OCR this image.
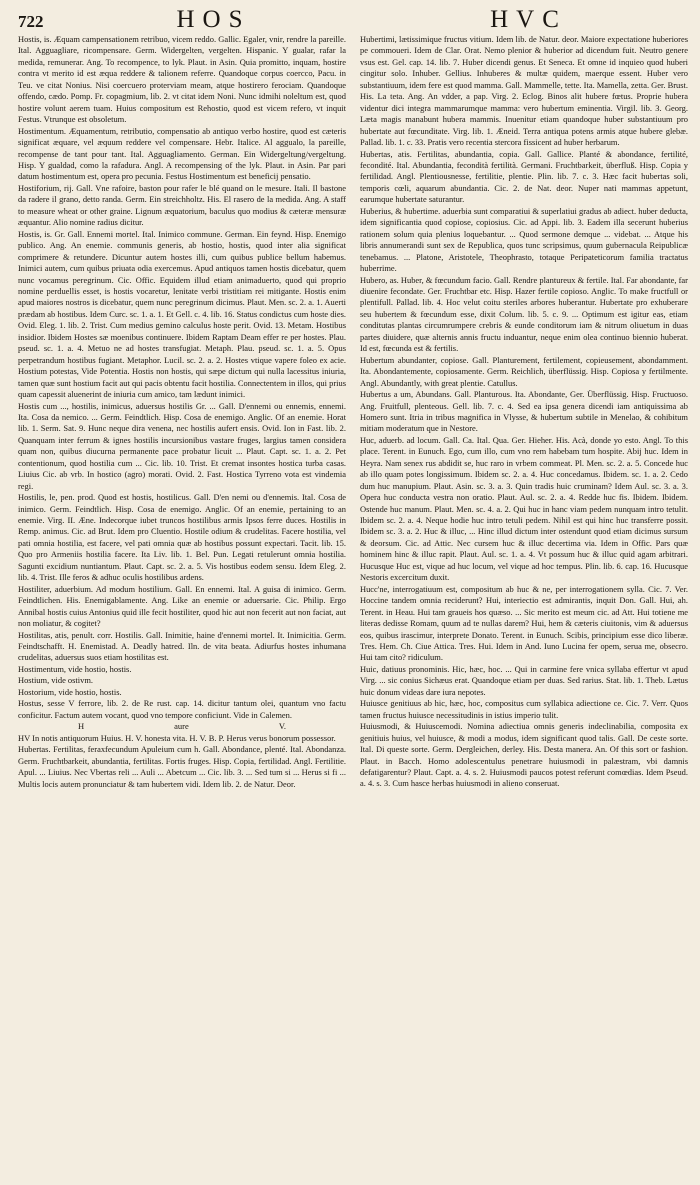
722	HOS	HVC

Hostis, is. Æquam campensationem retribuo, vicem reddo. Gallic. Egaler, vnir, rendre la pareille. Ital. Agguagliare, ricompensare. Germ. Widergelten, vergelten. Hispanic. Y gualar, rafar la medida, remunerar. Ang. To recompence, to lyk. Plaut. in Asin. Quia promitto, inquam, hostire contra vt merito id est æqua reddere & talionem referre. Quandoque corpus coercco, Pacu. in Teu. ve citat Nonius. Nisi coercuero proterviam meam, atque hostirero ferociam. Quandoque offendo, cædo. Pomp. Fr. copagmium, lib. 2. vt citat idem Noni. Nunc idmihi noleltum est, quod hostire volunt aerem tuam. Huius compositum est Rehostio, quod est vicem refero, vt inquit Festus. Vtrunque est obsoletum.

Hostimentum. Æquamentum, retributio, compensatio ab antiquo verbo hostire, quod est cæteris significat æquare, vel æquum reddere vel compensare. Hebr. Italice. Al aggualo, la pareille, recompense de tant pour tant. Ital. Agguagliamento. German. Ein Widergeltung/vergeltung. Hisp. Y gualdad, como la rafadura. Angl. A recompensing of the lyk. Plaut. in Asin. Par pari datum hostimentum est, opera pro pecunia. Festus Hostimentum est beneficij pensatio.

Hostiforium, rij. Gall. Vne rafoire, baston pour rafer le blé quand on le mesure. Itali. Il bastone da radere il grano, detto randa. Germ. Ein streichholtz. His. El rasero de la medida. Ang. A staff to measure wheat or other graine. Lignum æquatorium, baculus quo modius & cæteræ mensuræ æquantur. Alio nomine radius dicitur.

Hostis, is. Gr. Gall. Ennemi mortel. Ital. Inimico commune. German. Ein feynd. Hisp. Enemigo publico. Ang. An enemie. communis generis, ab hostio, hostis, quod inter alia significat comprimere & retundere. Dicuntur autem hostes illi, cum quibus publice bellum habemus. Inimici autem, cum quibus priuata odia exercemus. Apud antiquos tamen hostis dicebatur, quem nunc vocamus peregrinum. Cic. Offic. Equidem illud etiam animaduerto, quod qui proprio nomine perduellis esset, is hostis vocaretur, lenitate verbi tristitiam rei mitigante. Hostis enim apud maiores nostros is dicebatur, quem nunc peregrinum dicimus. Plaut. Men. sc. 2. a. 1. Auerti prædam ab hostibus. Idem Curc. sc. 1. a. 1. Et Gell. c. 4. lib. 16. Status condictus cum hoste dies. Ovid. Eleg. 1. lib. 2. Trist. Cum medius gemino calculus hoste perit. Ovid. 13. Metam. Hostibus insidior. Ibidem Hostes sæ moenibus continuere. Ibidem Raptam Deam effer re per hostes. Plau. pseud. sc. 1. a. 4. Metuo ne ad hostes transfugiat. Metaph. Plau. pseud. sc. 1. a. 5. Opus perpetrandum hostibus fugiant. Metaphor. Lucil. sc. 2. a. 2. Hostes vtique vapere foleo ex acie. Hostium potestas, Vide Potentia. Hostis non hostis, qui sæpe dictum qui nulla lacessitus iniuria, tamen quæ sunt hostium facit aut qui pacis obtentu facit hostilia. Connectentem in illos, qui prius quam capessit aluenerint de iniuria cum amico, tam lædunt inimici.

Hostis cum ..., hostilis, inimicus, aduersus hostilis Gr. ... Gall. D'ennemi ou ennemis, ennemi. Ita. Cosa da nemico. ... Germ. Feindtlich. Hisp. Cosa de enemigo. Anglic. Of an enemie. Horat lib. 1. Serm. Sat. 9. Hunc neque dira venena, nec hostilis aufert ensis. Ovid. Ion in Fast. lib. 2. Quanquam inter ferrum & ignes hostilis incursionibus vastare fruges, largius tamen considera quam non, quibus diucurna permanente pace probatur licuit ... Plaut. Capt. sc. 1. a. 2. Pet contentionum, quod hostilia cum ... Cic. lib. 10. Trist. Et cremat insontes hostica turba casas. Liuius Cic. ab vrb. In hostico (agro) morati. Ovid. 2. Fast. Hostica Tyrreno vota est vindemia regi.

Hostilis, le, pen. prod. Quod est hostis, hostilicus. Gall. D'en nemi ou d'ennemis. Ital. Cosa de inimico. Germ. Feindtlich. Hisp. Cosa de enemigo. Anglic. Of an enemie, pertaining to an enemie. Virg. II. Æne. Indecorque iubet truncos hostilibus armis Ipsos ferre duces. Hostilis in Remp. animus. Cic. ad Brut. Idem pro Cluentio. Hostile odium & crudelitas. Facere hostilia, vel pati omnia hostilia, est facere, vel pati omnia quæ ab hostibus possunt expectari. Tacit. lib. 15. Quo pro Armeniis hostilia facere. Ita Liv. lib. 1. Bel. Pun. Legati retulerunt omnia hostilia. Sagunti excidium nuntiantum. Plaut. Capt. sc. 2. a. 5. Vis hostibus eodem sensu. Idem Eleg. 2. lib. 4. Trist. Ille feros & adhuc oculis hostilibus ardens.

Hostiliter, aduerbium. Ad modum hostilium. Gall. En ennemi. Ital. A guisa di inimico. Germ. Feindtlichen. His. Enemigablamente. Ang. Like an enemie or aduersarie. Cic. Philip. Ergo Annibal hostis cuius Antonius quid ille fecit hostiliter, quod hic aut non fecerit aut non faciat, aut non moliatur, & cogitet?

Hostilitas, atis, penult. corr. Hostilis. Gall. Inimitie, haine d'ennemi mortel. It. Inimicitia. Germ. Feindtschafft. H. Enemistad. A. Deadly hatred. Iln. de vita beata. Adiurfus hostes inhumana crudelitas, aduersus suos etiam hostilitas est.

Hostimentum, vide hostio, hostis.

Hostium, vide ostivm.

Hostorium, vide hostio, hostis.

Hostus, sesse V ferrore, lib. 2. de Re rust. cap. 14. dicitur tantum olei, quantum vno factu conficitur. Factum autem vocant, quod vno tempore conficiunt. Vide in Calemen.

H	aure	V.

HV In notis antiquorum Huius. H. V. honesta vita. H. V. B. P. Herus verus bonorum possessor.

Hubertas. Fertilitas, feraxfecundum Apuleium cum h. Gall. Abondance, plenté. Ital. Abondanza. Germ. Fruchtbarkeit, abundantia, fertilitas. Fortis fruges. Hisp. Copia, fertilidad. Angl. Fertilitie. Apul. ... Liuius. Nec Vbertas reli ... Auli ... Abetcum ... Cic. lib. 3. ... Sed tum si ... Herus si fi ... Multis locis autem pronunciatur & tam hubertem vidi. Idem lib. 2. de Natur. Deor.

Hubertimi, lætissimique fructus vitium. Idem lib. de Natur. deor. Maiore expectatione huberiores pe commoueri. Idem de Clar. Orat. Nemo plenior & huberior ad dicendum fuit. Neutro genere vsus est. Gel. cap. 14. lib. 7. Huber dicendi genus. Et Seneca. Et omne id inquieo quod huberi cingitur solo. Inhuber. Gellius. Inhuberes & multæ quidem, maerque essent. Huber vero substantiuum, idem fere est quod mamma. Gall. Mammelle, tette. Ita. Mamella, zetta. Ger. Brust. His. La teta. Ang. An vdder, a pap. Virg. 2. Eclog. Binos alit hubere fœtus. Proprie hubera videntur dici integra mammarumque mamma: vero hubertum eminentia. Virgil. lib. 3. Georg. Læta magis manabunt hubera mammis. Inuenitur etiam quandoque huber substantiuum pro hubertate aut fœcunditate. Virg. lib. 1. Æneid. Terra antiqua potens armis atque hubere glebæ. Pallad. lib. 1. c. 33. Pratis vero recentia stercora fissicent ad huber herbarum.

Hubertas, atis. Fertilitas, abundantia, copia. Gall. Gallice. Planté & abondance, fertilité, fecondité. Ital. Abundantia, fecondità fertilità. Germani. Fruchtbarkeit, überfluß. Hisp. Copia y fertilidad. Angl. Plentiousnesse, fertilitie, plentie. Plin. lib. 7. c. 3. Hæc facit hubertas soli, temporis cœli, aquarum abundantia. Cic. 2. de Nat. deor. Nuper nati mammas appetunt, earumque hubertate saturantur.

Huberius, & hubertime. aduerbia sunt comparatiui & superlatiui gradus ab adiect. huber deducta, idem significantia quod copiose, copiosius. Cic. ad Appi. lib. 3. Eadem illa secerunt huberius rationem solum quia plenius loquebantur. ... Quod sermone demque ... videbat. ... Atque his libris annumerandi sunt sex de Republica, quos tunc scripsimus, quum gubernacula Reipublicæ tenebamus. ... Platone, Aristotele, Theophrasto, totaque Peripateticorum familia tractatus huberrime.

Hubero, as. Huber, & fœcundum facio. Gall. Rendre plantureux & fertile. Ital. Far abondante, far diuenire fecondate. Ger. Fruchtbar etc. Hisp. Hazer fertile copioso. Anglic. To make fructfull or plentifull. Pallad. lib. 4. Hoc velut coitu steriles arbores huberantur. Hubertate pro exhuberare seu hubertem & fœcundum esse, dixit Colum. lib. 5. c. 9. ... Optimum est igitur eas, etiam conditutas plantas circumrumpere crebris & eunde conditorum iam & nitrum oliuetum in duas partes diuidere, quæ alternis annis fructu induantur, neque enim olea continuo biennio huberat. Id est, fœcunda est & fertilis.

Hubertum abundanter, copiose. Gall. Planturement, fertilement, copieusement, abondamment. Ita. Abondantemente, copiosamente. Germ. Reichlich, überflüssig. Hisp. Copiosa y fertilmente. Angl. Abundantly, with great plentie. Catullus.

Hubertus a um, Abundans. Gall. Planturous. Ita. Abondante, Ger. Überflüssig. Hisp. Fructuoso. Ang. Fruitfull, plenteous. Gell. lib. 7. c. 4. Sed ea ipsa genera dicendi iam antiquissima ab Homero sunt. Itria in tribus magnifica in Vlysse, & hubertum subtile in Menelao, & cohibitum mitiam moderatum que in Nestore.

Huc, aduerb. ad locum. Gall. Ca. Ital. Qua. Ger. Hieher. His. Acà, donde yo esto. Angl. To this place. Terent. in Eunuch. Ego, cum illo, cum vno rem habebam tum hospite. Abij huc. Idem in Heyra. Nam senex rus abdidit se, huc raro in vrbem commeat. Pl. Men. sc. 2. a. 5. Concede huc ab illo quam potes longissimum. Ibidem sc. 2. a. 4. Huc concedamus. Ibidem. sc. 1. a. 2. Cedo dum huc manupium. Plaut. Asin. sc. 3. a. 3. Quin tradis huic cruminam? Idem Aul. sc. 3. a. 3. Opera huc conducta vestra non oratio. Plaut. Aul. sc. 2. a. 4. Redde huc fis. Ibidem. Ibidem. Ostende huc manum. Plaut. Men. sc. 4. a. 2. Qui huc in hanc viam pedem nunquam intro tetulit. Ibidem sc. 2. a. 4. Neque hodie huc intro tetuli pedem. Nihil est qui hinc huc transferre possit. Ibidem sc. 3. a. 2. Huc & illuc, ... Hinc illud dictum inter ostendunt quod etiam dicimus sursum & deorsum. Cic. ad Attic. Nec cursem huc & illuc decertima via. Idem in Offic. Pars quæ hominem hinc & illuc rapit. Plaut. Aul. sc. 1. a. 4. Vt possum huc & illuc quid agam arbitrari. Hucusque Huc est, vique ad huc locum, vel vique ad hoc tempus. Plin. lib. 6. cap. 16. Hucusque Nestoris excercitum duxit.

Hucc'ne, interrogatiuum est, compositum ab huc & ne, per interrogationem sylla. Cic. 7. Ver. Hoccine tandem omnia reciderunt? Hui, interiectio est admirantis, inquit Don. Gall. Hui, ah. Terent. in Heau. Hui tam graueis hos quæso. ... Sic merito est meum cic. ad Att. Hui totiene me literas dedisse Romam, quum ad te nullas darem? Hui, hem & cæteris ciuitonis, vim & aduersus eos, quibus irascimur, interprete Donato. Terent. in Eunuch. Scibis, principium esse dico liberæ. Tres. Hem. Ch. Ciue Attica. Tres. Hui. Idem in And. Iuno Lucina fer opem, serua me, obsecro. Hui tam cito? ridiculum.

Huic, datiuus pronominis. Hic, hæc, hoc. ... Qui in carmine fere vnica syllaba effertur vt apud Virg. ... sic conius Sichæus erat. Quandoque etiam per duas. Sed rarius. Stat. lib. 1. Theb. Lætus huic donum videas dare iura nepotes.

Huiusce genitiuus ab hic, hæc, hoc, compositus cum syllabica adiectione ce. Cic. 7. Verr. Quos tamen fructus huiusce necessitudinis in istius imperio tulit.

Huiusmodi, & Huiuscemodi. Nomina adiectiua omnis generis indeclinabilia, composita ex genitiuis huius, vel huiusce, & modi a modus, idem significant quod talis. Gall. De ceste sorte. Ital. Di queste sorte. Germ. Dergleichen, derley. His. Desta manera. An. Of this sort or fashion. Plaut. in Bacch. Homo adolescentulus penetrare huiusmodi in palæstram, vbi damnis defatigarentur? Plaut. Capt. a. 4. s. 2. Huiusmodi paucos potest referunt comœdias. Idem Pseud. a. 4. s. 3. Cum hasce herbas huiusmodi in alieno conseruat.
